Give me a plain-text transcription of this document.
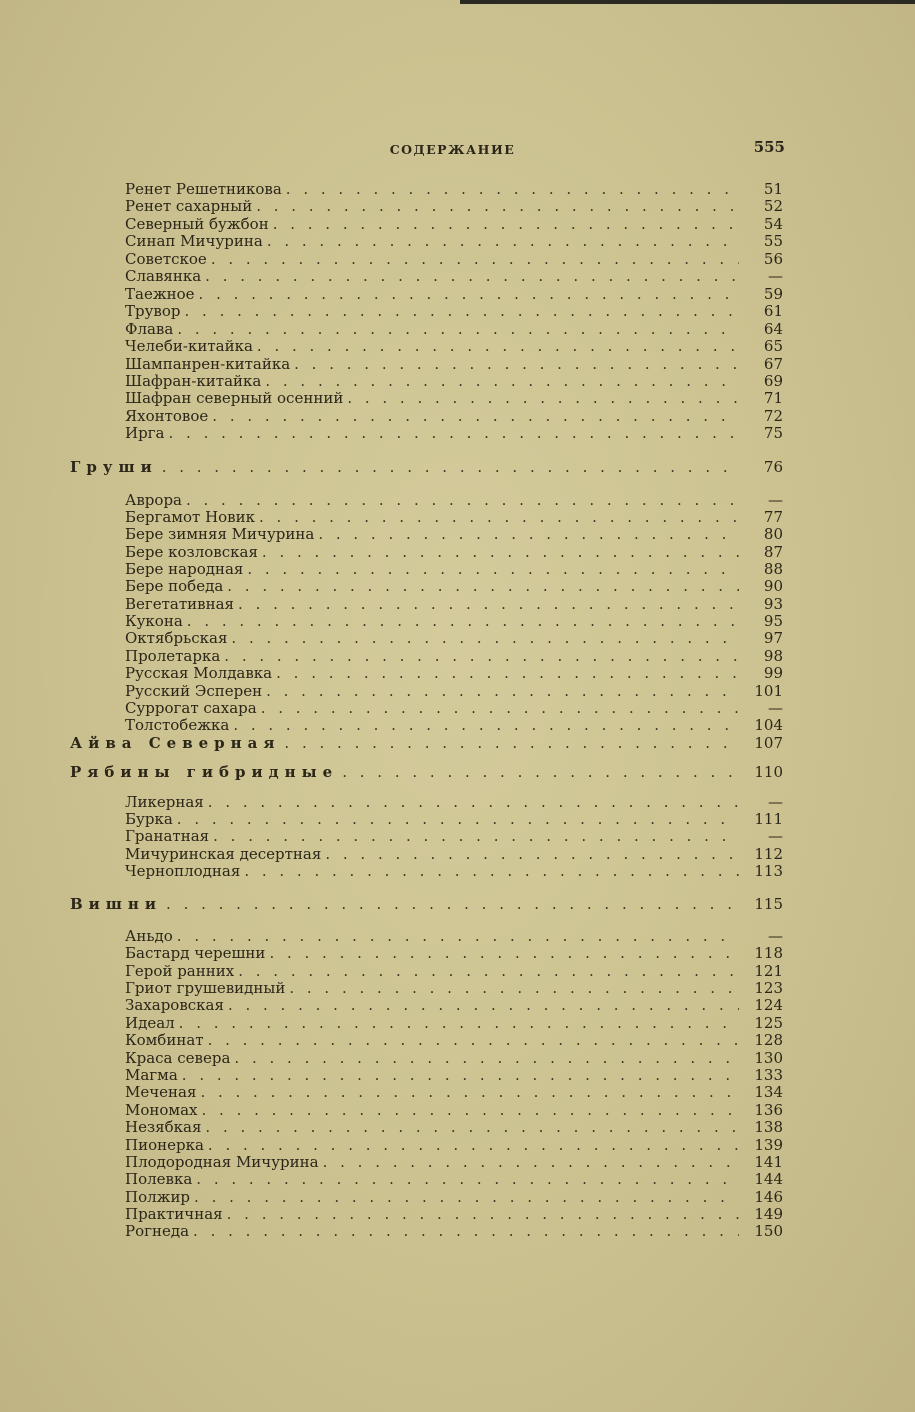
СОДЕРЖАНИЕ	555
Ренет Решетникова . . .	51
Ренет сахарный . . .	52
Северный бужбон . . .	54
Синап Мичурина . . .	55
Советское . . .	56
Славянка . . .	—
Таежное . . .	59
Трувор . . .	61
Флава . . .	64
Челеби-китайка . . .	65
Шампанрен-китайка . . .	67
Шафран-китайка . . .	69
Шафран северный осенний . . .	71
Яхонтовое . . .	72
Ирга . . .	75
Груши . . .	76
Аврора . . .	—
Бергамот Новик . . .	77
Бере зимняя Мичурина . . .	80
Бере козловская . . .	87
Бере народная . . .	88
Бере победа . . .	90
Вегетативная . . .	93
Кукона . . .	95
Октябрьская . . .	97
Пролетарка . . .	98
Русская Молдавка . . .	99
Русский Эсперен . . .	101
Суррогат сахара . . .	—
Толстобежка . . .	104
Айва Северная . . .	107
Рябины гибридные . . .	110
Ликерная . . .	—
Бурка . . .	111
Гранатная . . .	—
Мичуринская десертная . . .	112
Черноплодная . . .	113
Вишни . . .	115
Аньдо . . .	—
Бастард черешни . . .	118
Герой ранних . . .	121
Гриот грушевидный . . .	123
Захаровская . . .	124
Идеал . . .	125
Комбинат . . .	128
Краса севера . . .	130
Магма . . .	133
Меченая . . .	134
Мономах . . .	136
Незябкая . . .	138
Пионерка . . .	139
Плодородная Мичурина . . .	141
Полевка . . .	144
Полжир . . .	146
Практичная . . .	149
Рогнеда . . .	150
